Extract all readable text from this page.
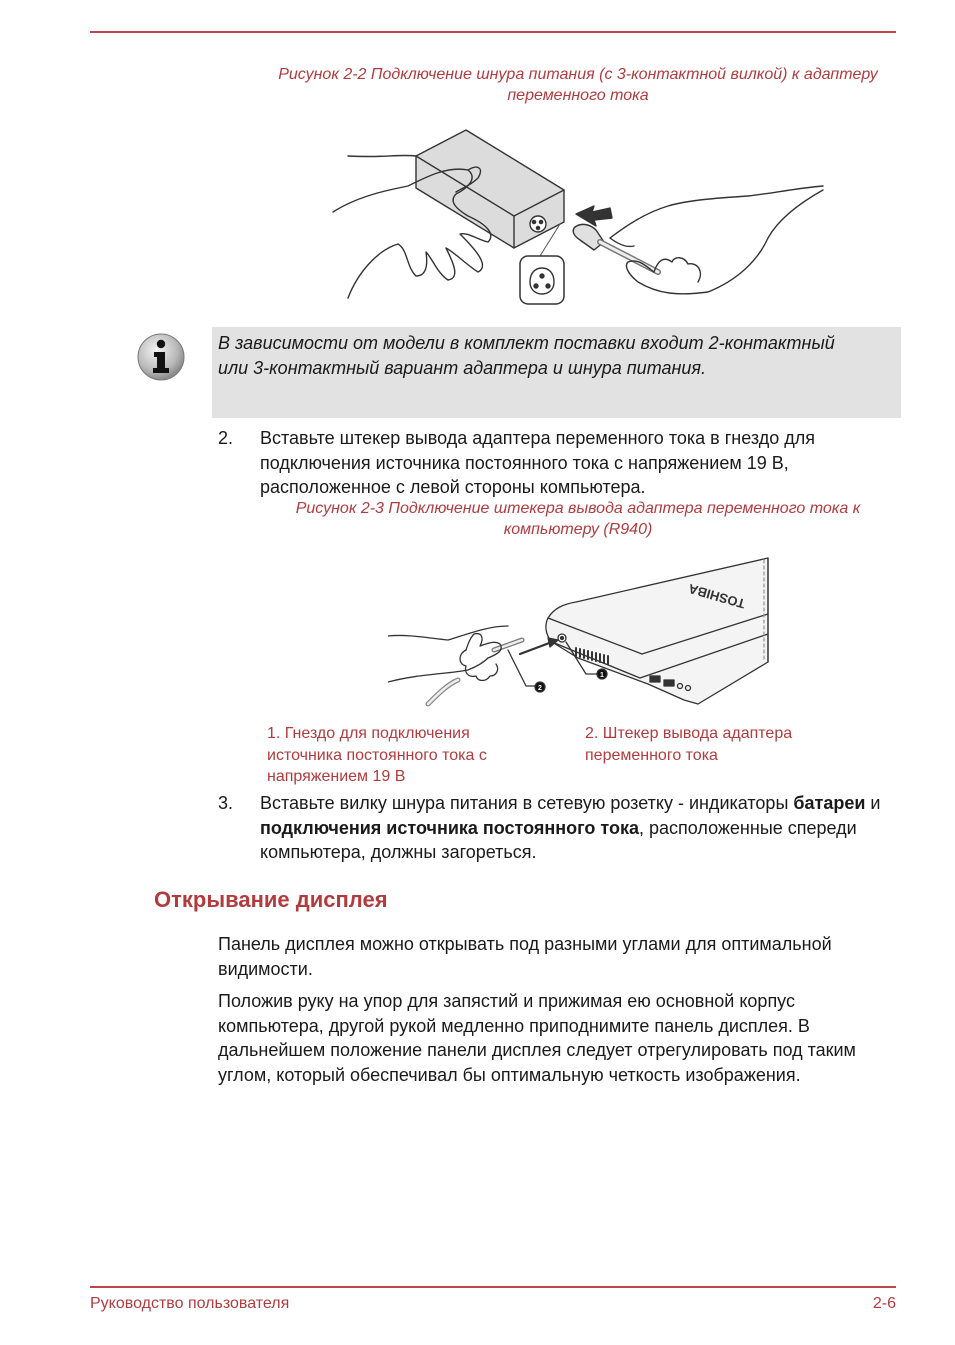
Рисунок 2-2 Подключение шнура питания (с 3-контактной вилкой) к адаптеру переменного тока
В зависимости от модели в комплект поставки входит 2-контактный или 3-контактный вариант адаптера и шнура питания.
2. Вставьте штекер вывода адаптера переменного тока в гнездо для подключения источника постоянного тока с напряжением 19 В, расположенное с левой стороны компьютера.
Рисунок 2-3 Подключение штекера вывода адаптера переменного тока к компьютеру (R940)
TOSHIBA
1
2
1. Гнездо для подключения источника постоянного тока с напряжением 19 В
2. Штекер вывода адаптера переменного тока
3. Вставьте вилку шнура питания в сетевую розетку - индикаторы батареи и подключения источника постоянного тока, расположенные спереди компьютера, должны загореться.
Открывание дисплея
Панель дисплея можно открывать под разными углами для оптимальной видимости.
Положив руку на упор для запястий и прижимая ею основной корпус компьютера, другой рукой медленно приподнимите панель дисплея. В дальнейшем положение панели дисплея следует отрегулировать под таким углом, который обеспечивал бы оптимальную четкость изображения.
Руководство пользователя	2-6
